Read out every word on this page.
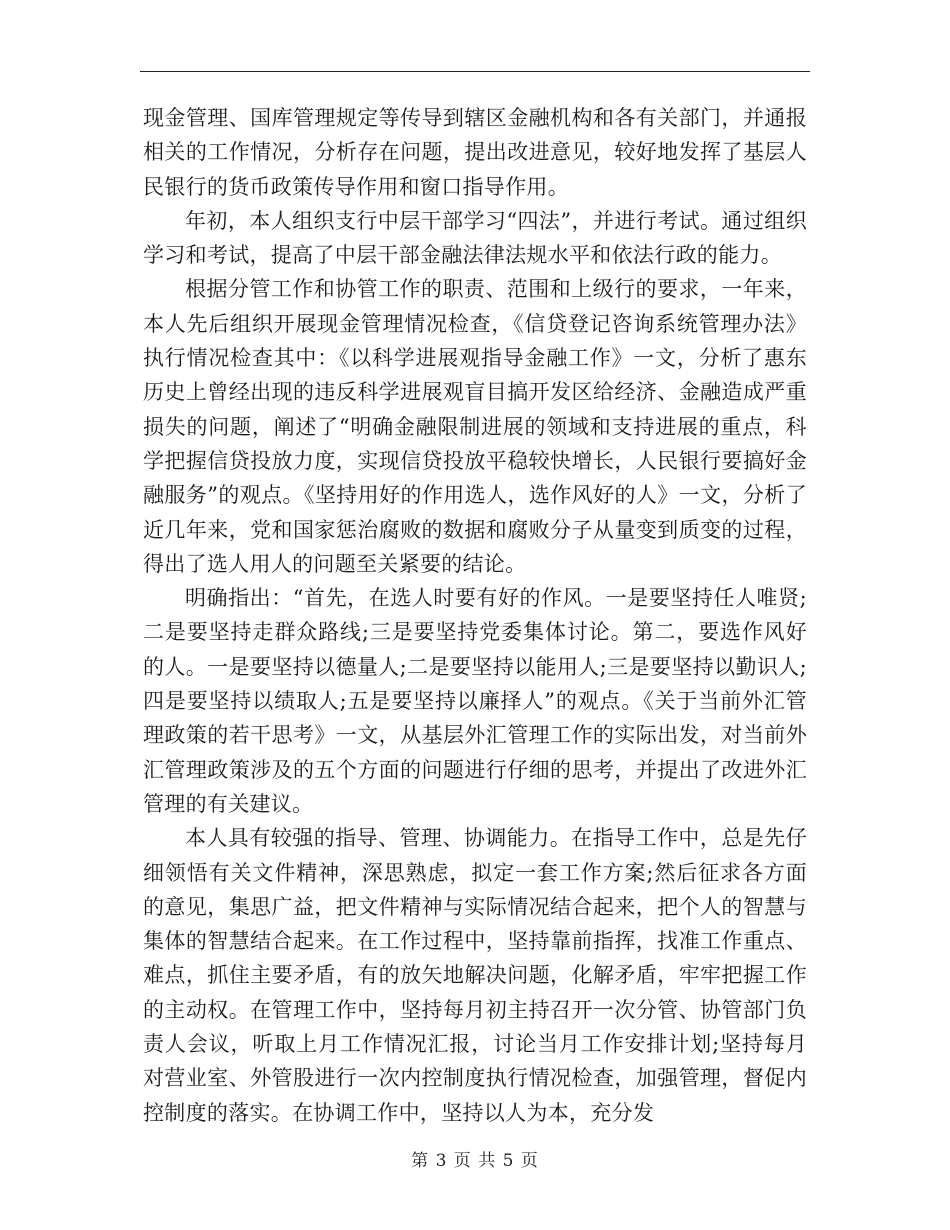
现金管理、国库管理规定等传导到辖区金融机构和各有关部门，并通报相关的工作情况，分析存在问题，提出改进意见，较好地发挥了基层人民银行的货币政策传导作用和窗口指导作用。

年初，本人组织支行中层干部学习“四法”，并进行考试。通过组织学习和考试，提高了中层干部金融法律法规水平和依法行政的能力。

根据分管工作和协管工作的职责、范围和上级行的要求，一年来，本人先后组织开展现金管理情况检查，《信贷登记咨询系统管理办法》执行情况检查其中：《以科学进展观指导金融工作》一文，分析了惠东历史上曾经出现的违反科学进展观盲目搞开发区给经济、金融造成严重损失的问题，阐述了“明确金融限制进展的领域和支持进展的重点，科学把握信贷投放力度，实现信贷投放平稳较快增长，人民银行要搞好金融服务”的观点。《坚持用好的作用选人，选作风好的人》一文，分析了近几年来，党和国家惩治腐败的数据和腐败分子从量变到质变的过程，得出了选人用人的问题至关紧要的结论。

明确指出：“首先，在选人时要有好的作风。一是要坚持任人唯贤;二是要坚持走群众路线;三是要坚持党委集体讨论。第二，要选作风好的人。一是要坚持以德量人;二是要坚持以能用人;三是要坚持以勤识人;四是要坚持以绩取人;五是要坚持以廉择人”的观点。《关于当前外汇管理政策的若干思考》一文，从基层外汇管理工作的实际出发，对当前外汇管理政策涉及的五个方面的问题进行仔细的思考，并提出了改进外汇管理的有关建议。

本人具有较强的指导、管理、协调能力。在指导工作中，总是先仔细领悟有关文件精神，深思熟虑，拟定一套工作方案;然后征求各方面的意见，集思广益，把文件精神与实际情况结合起来，把个人的智慧与集体的智慧结合起来。在工作过程中，坚持靠前指挥，找准工作重点、难点，抓住主要矛盾，有的放矢地解决问题，化解矛盾，牢牢把握工作的主动权。在管理工作中，坚持每月初主持召开一次分管、协管部门负责人会议，听取上月工作情况汇报，讨论当月工作安排计划;坚持每月对营业室、外管股进行一次内控制度执行情况检查，加强管理，督促内控制度的落实。在协调工作中，坚持以人为本，充分发

第 3 页 共 5 页
